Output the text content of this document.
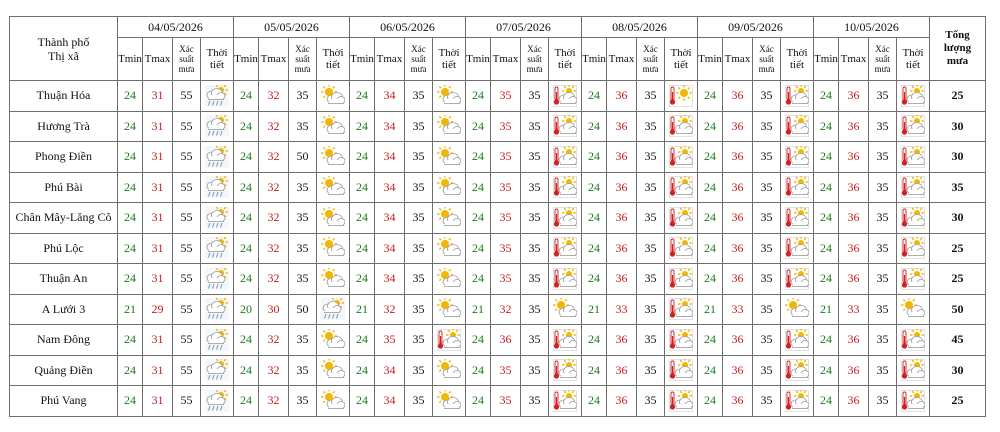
Thành phố
Thị xã	04/05/2026				05/05/2026				06/05/2026				07/05/2026				08/05/2026				09/05/2026				10/05/2026				Tổng
lượng
mưa
	Tmin	Tmax	Xác
suất
mưa	Thời
tiết	Tmin	Tmax	Xác
suất
mưa	Thời
tiết	Tmin	Tmax	Xác
suất
mưa	Thời
tiết	Tmin	Tmax	Xác
suất
mưa	Thời
tiết	Tmin	Tmax	Xác
suất
mưa	Thời
tiết	Tmin	Tmax	Xác
suất
mưa	Thời
tiết	Tmin	Tmax	Xác
suất
mưa	Thời
tiết	
Thuận Hóa	24	31	55		24	32	35		24	34	35		24	35	35		24	36	35		24	36	35		24	36	35		25
Hương Trà	24	31	55		24	32	35		24	34	35		24	35	35		24	36	35		24	36	35		24	36	35		30
Phong Điền	24	31	55		24	32	50		24	34	35		24	35	35		24	36	35		24	36	35		24	36	35		30
Phú Bài	24	31	55		24	32	35		24	34	35		24	35	35		24	36	35		24	36	35		24	36	35		35
Chân Mây-Lăng Cô	24	31	55		24	32	35		24	34	35		24	35	35		24	36	35		24	36	35		24	36	35		30
Phú Lộc	24	31	55		24	32	35		24	34	35		24	35	35		24	36	35		24	36	35		24	36	35		25
Thuận An	24	31	55		24	32	35		24	34	35		24	35	35		24	36	35		24	36	35		24	36	35		25
A Lưới 3	21	29	55		20	30	50		21	32	35		21	32	35		21	33	35		21	33	35		21	33	35		50
Nam Đông	24	31	55		24	32	35		24	35	35		24	36	35		24	36	35		24	36	35		24	36	35		45
Quảng Điền	24	31	55		24	32	35		24	34	35		24	35	35		24	36	35		24	36	35		24	36	35		30
Phú Vang	24	31	55		24	32	35		24	34	35		24	35	35		24	36	35		24	36	35		24	36	35		25
